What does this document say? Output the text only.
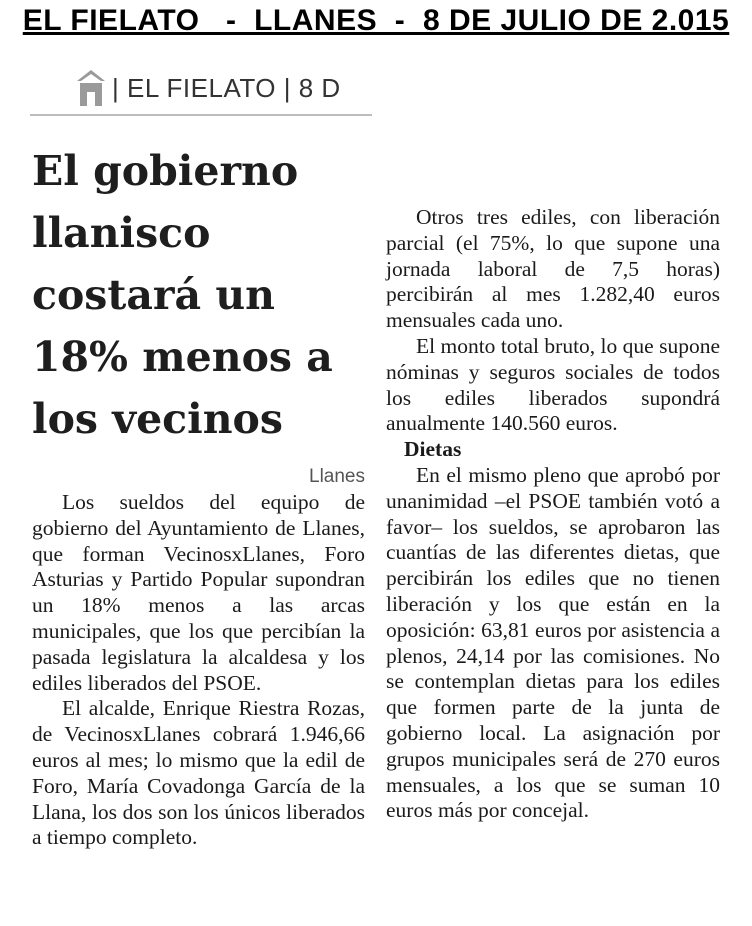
EL FIELATO   -  LLANES  -  8 DE JULIO DE 2.015
| EL FIELATO | 8 D
El gobierno llanisco costará un 18% menos a los vecinos
Llanes

Los sueldos del equipo de gobierno del Ayuntamiento de Llanes, que forman VecinosxLlanes, Foro Asturias y Partido Popular supondran un 18% menos a las arcas municipales, que los que percibían la pasada legislatura la alcaldesa y los ediles liberados del PSOE.

El alcalde, Enrique Riestra Rozas, de VecinosxLlanes cobrará 1.946,66 euros al mes; lo mismo que la edil de Foro, María Covadonga García de la Llana, los dos son los únicos liberados a tiempo completo.

Otros tres ediles, con liberación parcial (el 75%, lo que supone una jornada laboral de 7,5 horas) percibirán al mes 1.282,40 euros mensuales cada uno.

El monto total bruto, lo que supone nóminas y seguros sociales de todos los ediles liberados supondrá anualmente 140.560 euros.

Dietas

En el mismo pleno que aprobó por unanimidad –el PSOE también votó a favor– los sueldos, se aprobaron las cuantías de las diferentes dietas, que percibirán los ediles que no tienen liberación y los que están en la oposición: 63,81 euros por asistencia a plenos, 24,14 por las comisiones. No se contemplan dietas para los ediles que formen parte de la junta de gobierno local. La asignación por grupos municipales será de 270 euros mensuales, a los que se suman 10 euros más por concejal.
